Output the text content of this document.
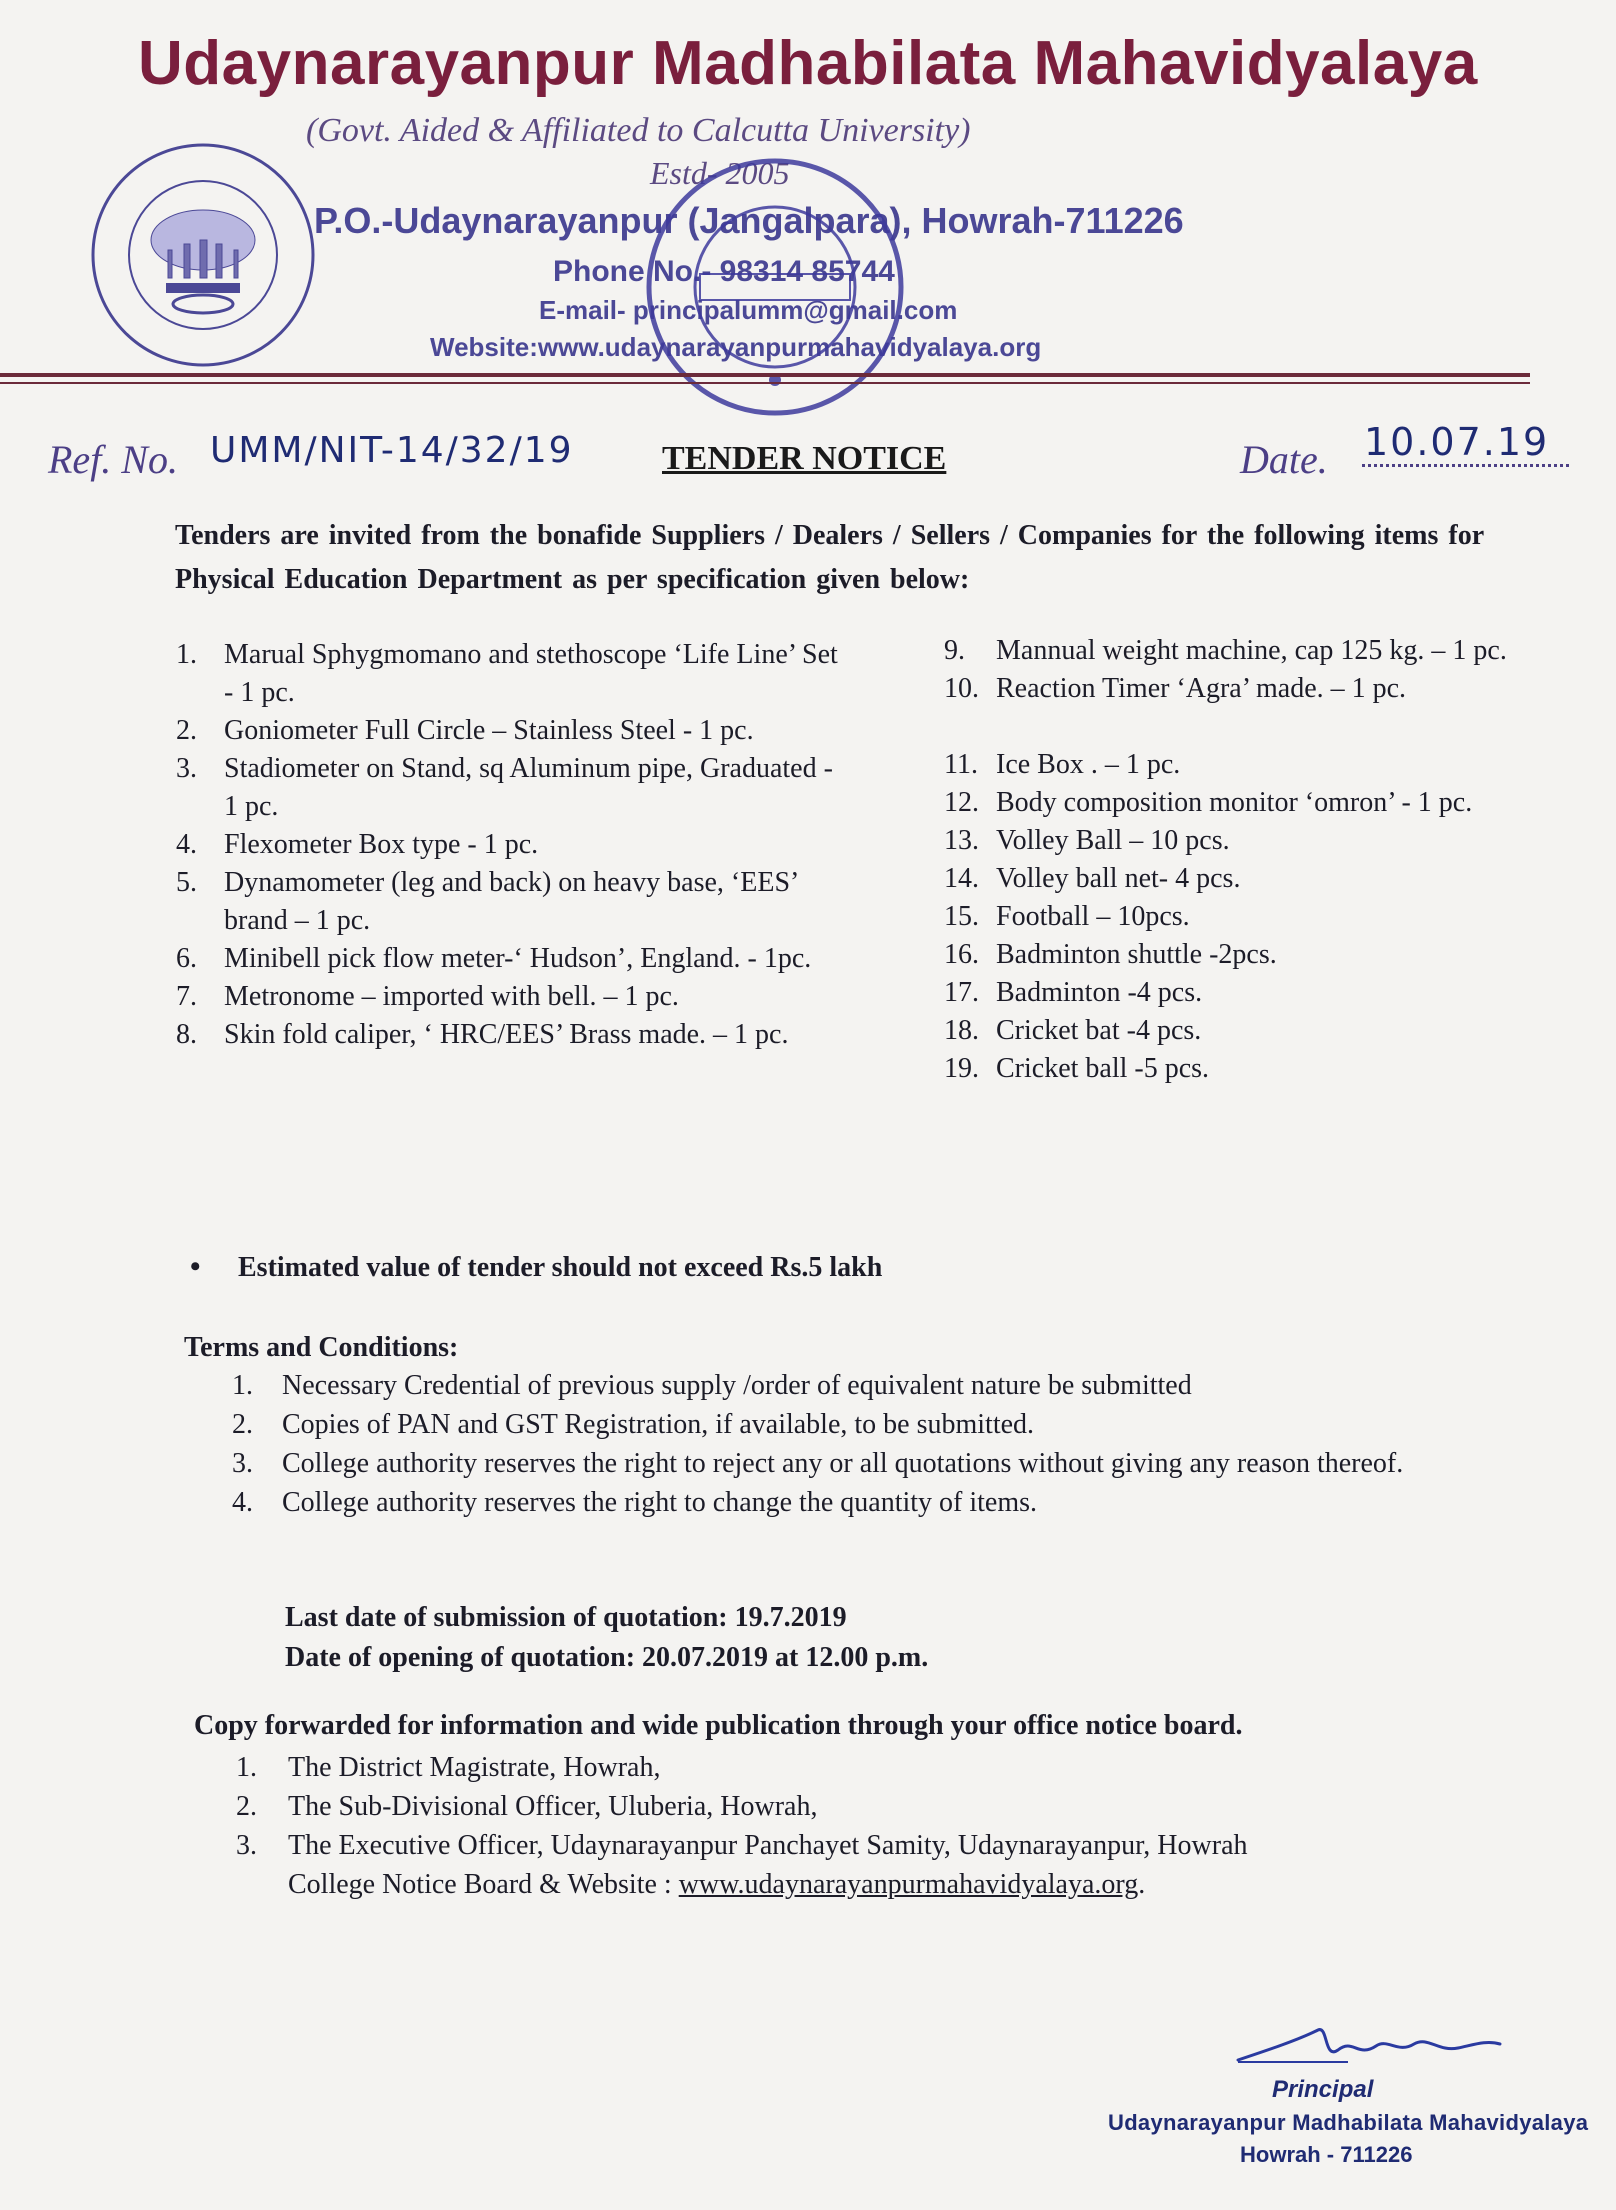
Udaynarayanpur Madhabilata Mahavidyalaya
(Govt. Aided & Affiliated to Calcutta University)
Estd- 2005
P.O.-Udaynarayanpur (Jangalpara), Howrah-711226
Phone No.- 98314 85744
E-mail- principalumm@gmail.com
Website:www.udaynarayanpurmahavidyalaya.org
Ref. No. UMM/NIT-14/32/19	TENDER NOTICE	Date. 10.07.19
Tenders are invited from the bonafide Suppliers / Dealers / Sellers / Companies for the following items for Physical Education Department as per specification given below:
1. Marual Sphygmomano and stethoscope ‘Life Line’ Set - 1 pc.
2. Goniometer Full Circle – Stainless Steel - 1 pc.
3. Stadiometer on Stand, sq Aluminum pipe, Graduated - 1 pc.
4. Flexometer Box type - 1 pc.
5. Dynamometer (leg and back) on heavy base, ‘EES’ brand – 1 pc.
6. Minibell pick flow meter-‘ Hudson’, England. - 1pc.
7. Metronome – imported with bell. – 1 pc.
8. Skin fold caliper, ‘ HRC/EES’ Brass made. – 1 pc.
9. Mannual weight machine, cap 125 kg. – 1 pc.
10. Reaction Timer ‘Agra’ made. – 1 pc.
11. Ice Box . – 1 pc.
12. Body composition monitor ‘omron’ - 1 pc.
13. Volley Ball – 10 pcs.
14. Volley ball net- 4 pcs.
15. Football – 10pcs.
16. Badminton shuttle -2pcs.
17. Badminton -4 pcs.
18. Cricket bat -4 pcs.
19. Cricket ball -5 pcs.
• Estimated value of tender should not exceed Rs.5 lakh
Terms and Conditions:
1. Necessary Credential of previous supply /order of equivalent nature be submitted
2. Copies of PAN and GST Registration, if available, to be submitted.
3. College authority reserves the right to reject any or all quotations without giving any reason thereof.
4. College authority reserves the right to change the quantity of items.
Last date of submission of quotation: 19.7.2019
Date of opening of quotation: 20.07.2019 at 12.00 p.m.
Copy forwarded for information and wide publication through your office notice board.
1. The District Magistrate, Howrah,
2. The Sub-Divisional Officer, Uluberia, Howrah,
3. The Executive Officer, Udaynarayanpur Panchayet Samity, Udaynarayanpur, Howrah
College Notice Board & Website : www.udaynarayanpurmahavidyalaya.org.
Principal
Udaynarayanpur Madhabilata Mahavidyalaya
Howrah - 711226
